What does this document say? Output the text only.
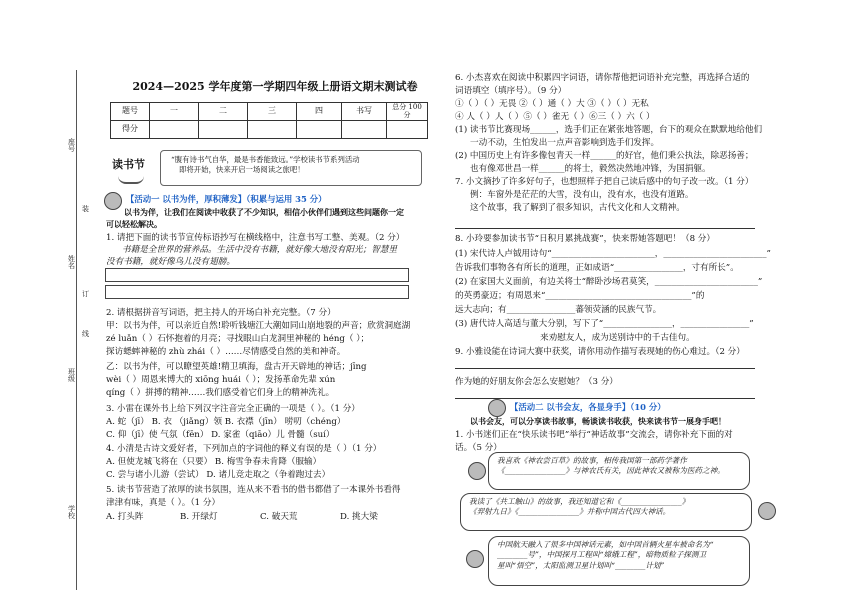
座号
装
订
线
姓名
班级
学校
2024—2025 学年度第一学期四年级上册语文期末测试卷
题号	一	二	三	四	书写	总分 100 分
得分						
读书节	“腹有诗书气自华，最是书香能致远。”学校读书节系列活动
即将开始，快来开启一场阅读之旅吧！
【活动一 以书为伴，厚积薄发】（积累与运用 35 分）
以书为伴，让我们在阅读中收获了不少知识，相信小伙伴们遇到这些问题你一定
可以轻松解决。
1. 请把下面的读书节宣传标语抄写在横线格中，注意书写工整、美观。（2 分）
书籍是全世界的营养品。生活中没有书籍，就好像大地没有阳光；智慧里
没有书籍，就好像鸟儿没有翅膀。
2. 请根据拼音写词语，把主持人的开场白补充完整。（7 分）
甲：以书为伴，可以亲近自然!聆听钱塘江大潮如同山崩地裂的声音；欣赏洞庭湖
zé luǎn（ ）石怀抱着的月亮；寻找眼山白龙洞里神秘的 héng（ ）；
探访蟋蟀神秘的 zhù zhái（ ）……尽情感受自然的美和神奇。
乙：以书为伴，可以瞭望英雄!精卫填海，盘古开天辟地的神话；jīng
wèi（ ）周恩来博大的 xiōng huái（ ）；发扬革命先辈 xún
qíng（ ）拼搏的精神……我们感受着它们身上的精神洗礼。
3. 小雷在课外书上给下列汉字注音完全正确的一项是（ ）。（1 分）
A. 蛇（jī） B. 衣 （jiǎng）领 B. 衣襟（jīn） 唠叨（chéng）
C. 仰（jī）使 气氛（fēn） D. 家雀（qiāo）儿 骨髓（suí）
4. 小清是古诗文爱好者，下列加点的字词他的释义有误的是（ ）（1 分）
A. 但使龙城飞将在（只要） B. 梅雪争春未肯降（服输）
C. 尝与诸小儿游（尝试） D. 诸儿竞走取之（争着跑过去）
5. 读书节营造了浓厚的读书氛围，连从来不看书的借书都借了一本课外书看得
津津有味，真是（ ）。（1 分）
A. 打头阵	B. 开绿灯	C. 破天荒	D. 挑大梁
6. 小杰喜欢在阅读中积累四字词语，请你帮他把词语补充完整，再选择合适的
词语填空（填序号）。（9 分）
①（ ）（ ）无畏 ②（ ）通（ ）大 ③（ ）（ ）无私
④ 人（ ）人（ ）⑤（ ）雀无（ ）⑥三（ ）六（ ）
(1) 读书节比赛现场______，选手们正在紧张地答题，台下的观众在默默地给他们
一动不动，生怕发出一点声音影响到选手们发挥。
(2) 中国历史上有许多像包青天一样______的好官，他们秉公执法，除恶扬善；
也有像邓世昌一样______的将士，毅然决然地冲锋，为国捐躯。
7. 小文摘抄了许多好句子，也想照样子把自己读后感中的句子改一改。（1 分）
例：车窗外是茫茫的大雪，没有山，没有水，也没有道路。
这个故事，我了解到了很多知识，古代文化和人文精神。
8. 小玲要参加读书节“日积月累挑战赛”，快来帮她答题吧！（8 分）
(1) 宋代诗人卢钺用诗句“________________________，________________________”
告诉我们事物各有所长的道理，正如成语“________________，寸有所长”。
(2) 在家国大义面前，有边关将士“醉卧沙场君莫笑，________________________”
的英勇豪迈；有周恩来“__________________________________”的
远大志向；有________________蕃领荧涵的民族气节。
(3) 唐代诗人高适与董大分别，写下了“________________，________________”
来劝慰友人，成为送别诗中的千古佳句。
9. 小雅设能在诗词大赛中获奖，请你用动作描写表现她的伤心难过。（2 分）
作为她的好朋友你会怎么安慰她？（3 分）
【活动二 以书会友，各显身手】（10 分）
以书会友，可以分享读书故事，畅谈读书收获，快来读书节一展身手吧！
1. 小书迷们正在“快乐读书吧”举行“神话故事”交流会，请你补充下面的对
话。（5 分）
我喜欢《神农尝百草》的故事，相传我国第一部药学著作
《________________》与神农氏有关，因此神农又被称为医药之神。
我读了《共工触山》的故事，我还知道它和《________________》
《羿射九日》《________________》并称中国古代四大神话。
中国航天融入了很多中国神话元素，如中国首辆火星车被命名为“
________号”，中国探月工程叫“嫦娥工程”，暗物质粒子探测卫
星叫“悟空”，太阳监测卫星计划叫“________计划”
